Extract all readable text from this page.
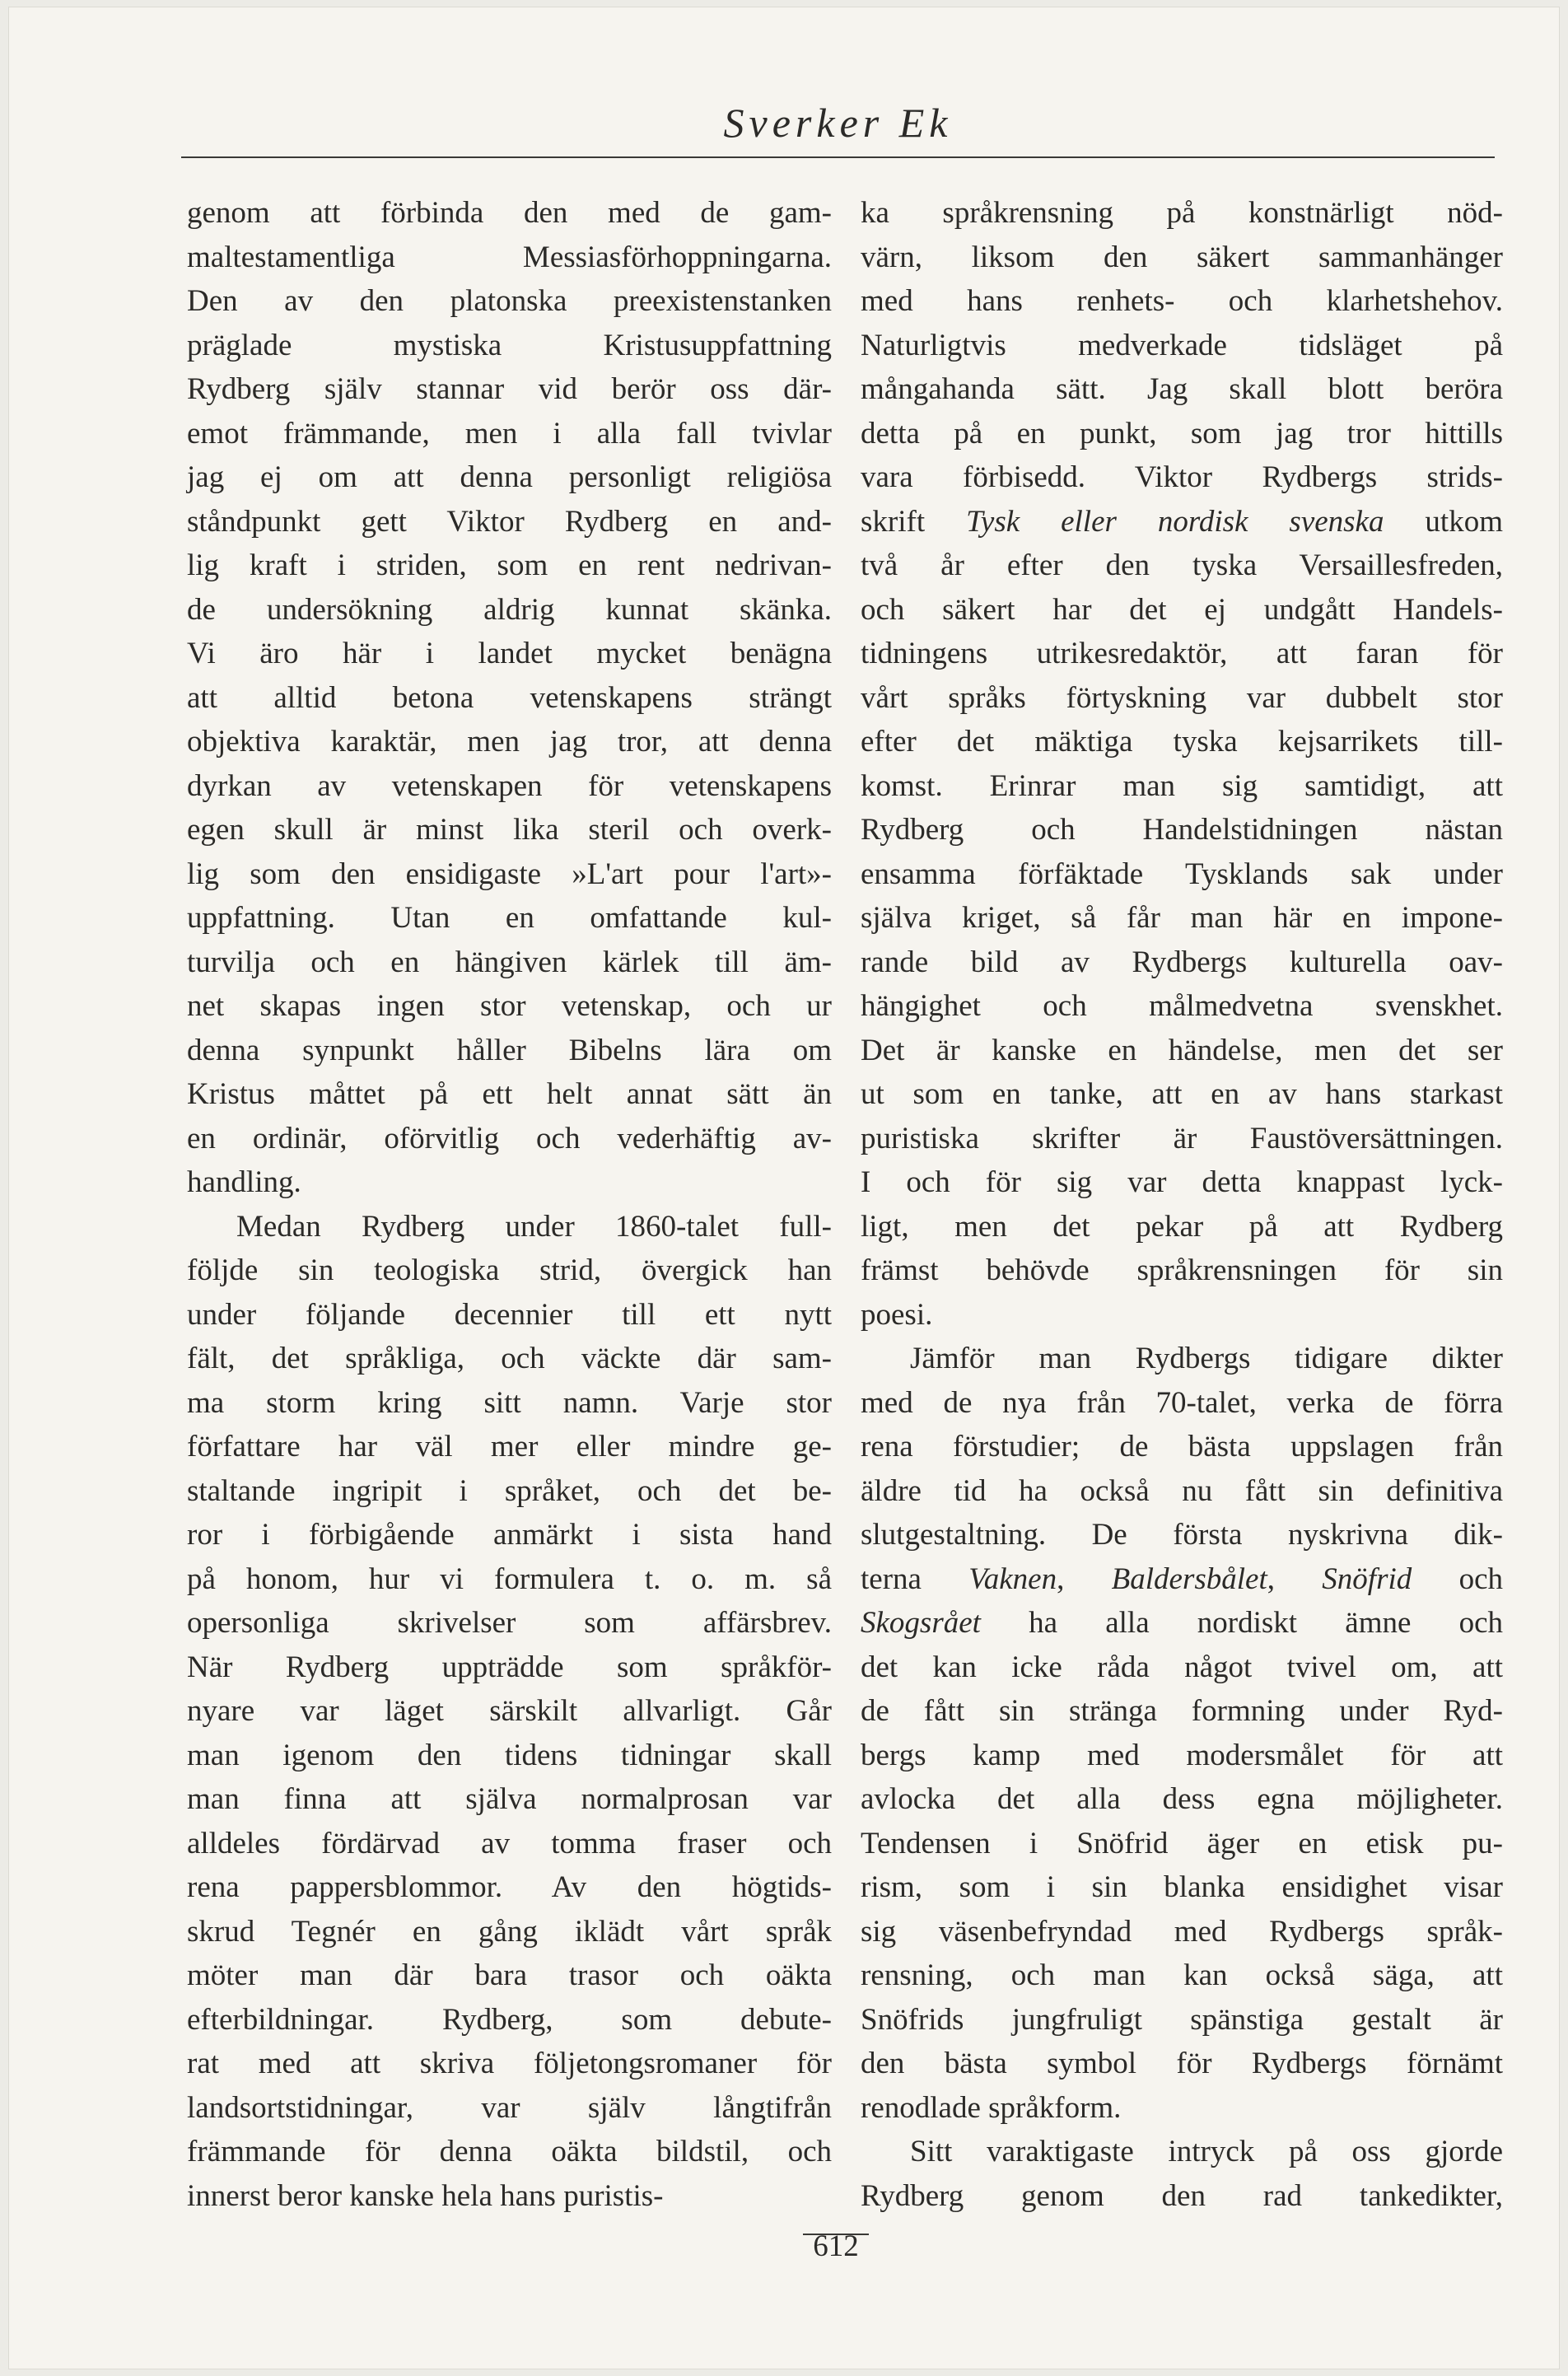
Sverker Ek
genom att förbinda den med de gam-
maltestamentliga Messiasförhoppningarna.
Den av den platonska preexistenstanken
präglade mystiska Kristusuppfattning
Rydberg själv stannar vid berör oss där-
emot främmande, men i alla fall tvivlar
jag ej om att denna personligt religiösa
ståndpunkt gett Viktor Rydberg en and-
lig kraft i striden, som en rent nedrivan-
de undersökning aldrig kunnat skänka.
Vi äro här i landet mycket benägna
att alltid betona vetenskapens strängt
objektiva karaktär, men jag tror, att denna
dyrkan av vetenskapen för vetenskapens
egen skull är minst lika steril och overk-
lig som den ensidigaste »L'art pour l'art»-
uppfattning. Utan en omfattande kul-
turvilja och en hängiven kärlek till äm-
net skapas ingen stor vetenskap, och ur
denna synpunkt håller Bibelns lära om
Kristus måttet på ett helt annat sätt än
en ordinär, oförvitlig och vederhäftig av-
handling.
Medan Rydberg under 1860-talet full-
följde sin teologiska strid, övergick han
under följande decennier till ett nytt
fält, det språkliga, och väckte där sam-
ma storm kring sitt namn. Varje stor
författare har väl mer eller mindre ge-
staltande ingripit i språket, och det be-
ror i förbigående anmärkt i sista hand
på honom, hur vi formulera t. o. m. så
opersonliga skrivelser som affärsbrev.
När Rydberg uppträdde som språkför-
nyare var läget särskilt allvarligt. Går
man igenom den tidens tidningar skall
man finna att själva normalprosan var
alldeles fördärvad av tomma fraser och
rena pappersblommor. Av den högtids-
skrud Tegnér en gång iklädt vårt språk
möter man där bara trasor och oäkta
efterbildningar. Rydberg, som debute-
rat med att skriva följetongsromaner för
landsortstidningar, var själv långtifrån
främmande för denna oäkta bildstil, och
innerst beror kanske hela hans puristis-
ka språkrensning på konstnärligt nöd-
värn, liksom den säkert sammanhänger
med hans renhets- och klarhetshehov.
Naturligtvis medverkade tidsläget på
mångahanda sätt. Jag skall blott beröra
detta på en punkt, som jag tror hittills
vara förbisedd. Viktor Rydbergs strids-
skrift Tysk eller nordisk svenska utkom
två år efter den tyska Versaillesfreden,
och säkert har det ej undgått Handels-
tidningens utrikesredaktör, att faran för
vårt språks förtyskning var dubbelt stor
efter det mäktiga tyska kejsarrikets till-
komst. Erinrar man sig samtidigt, att
Rydberg och Handelstidningen nästan
ensamma förfäktade Tysklands sak under
själva kriget, så får man här en impone-
rande bild av Rydbergs kulturella oav-
hängighet och målmedvetna svenskhet.
Det är kanske en händelse, men det ser
ut som en tanke, att en av hans starkast
puristiska skrifter är Faustöversättningen.
I och för sig var detta knappast lyck-
ligt, men det pekar på att Rydberg
främst behövde språkrensningen för sin
poesi.
Jämför man Rydbergs tidigare dikter
med de nya från 70-talet, verka de förra
rena förstudier; de bästa uppslagen från
äldre tid ha också nu fått sin definitiva
slutgestaltning. De första nyskrivna dik-
terna Vaknen, Baldersbålet, Snöfrid och
Skogsrået ha alla nordiskt ämne och
det kan icke råda något tvivel om, att
de fått sin stränga formning under Ryd-
bergs kamp med modersmålet för att
avlocka det alla dess egna möjligheter.
Tendensen i Snöfrid äger en etisk pu-
rism, som i sin blanka ensidighet visar
sig väsenbefryndad med Rydbergs språk-
rensning, och man kan också säga, att
Snöfrids jungfruligt spänstiga gestalt är
den bästa symbol för Rydbergs förnämt
renodlade språkform.
Sitt varaktigaste intryck på oss gjorde
Rydberg genom den rad tankedikter,
612
